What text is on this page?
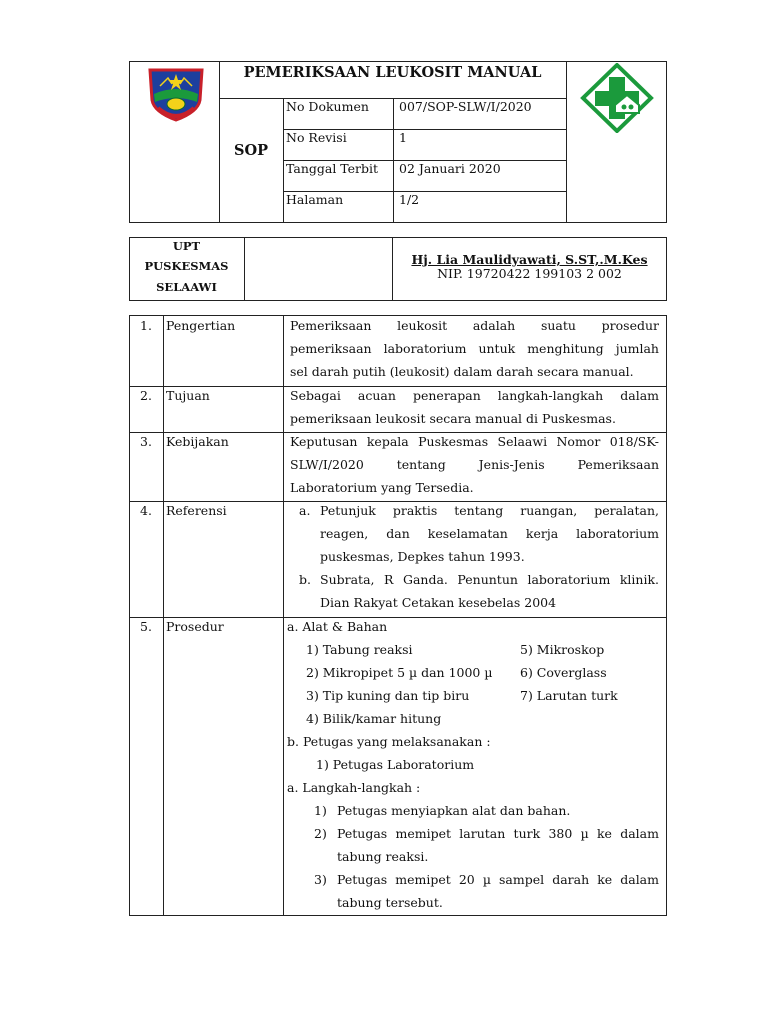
PEMERIKSAAN LEUKOSIT MANUAL
SOP
No Dokumen 007/SOP-SLW/I/2020
No Revisi	1
Tanggal Terbit 02 Januari 2020
Halaman	1/2
UPT
PUSKESMAS
SELAAWI
Hj. Lia Maulidyawati, S.ST,.M.Kes
NIP. 19720422 199103 2 002
1. Pengertian	Pemeriksaan leukosit adalah suatu prosedur
pemeriksaan laboratorium untuk menghitung jumlah
sel darah putih (leukosit) dalam darah secara manual.
2. Tujuan	Sebagai acuan penerapan langkah-langkah dalam
pemeriksaan leukosit secara manual di Puskesmas.
3. Kebijakan	Keputusan kepala Puskesmas Selaawi Nomor 018/SK-
SLW/I/2020 tentang Jenis-Jenis Pemeriksaan
Laboratorium yang Tersedia.
4. Referensi	a. Petunjuk praktis tentang ruangan, peralatan,
reagen, dan keselamatan kerja laboratorium
puskesmas, Depkes tahun 1993.
b. Subrata, R Ganda. Penuntun laboratorium klinik.
Dian Rakyat Cetakan kesebelas 2004
5. Prosedur	a. Alat & Bahan
1) Tabung reaksi
2) Mikropipet 5 µ dan 1000 µ
3) Tip kuning dan tip biru
4) Bilik/kamar hitung
5) Mikroskop
6) Coverglass
7) Larutan turk
b. Petugas yang melaksanakan :
1) Petugas Laboratorium
a. Langkah-langkah :
1) Petugas menyiapkan alat dan bahan.
2) Petugas memipet larutan turk 380 µ ke dalam
tabung reaksi.
3) Petugas memipet 20 µ sampel darah ke dalam
tabung tersebut.
